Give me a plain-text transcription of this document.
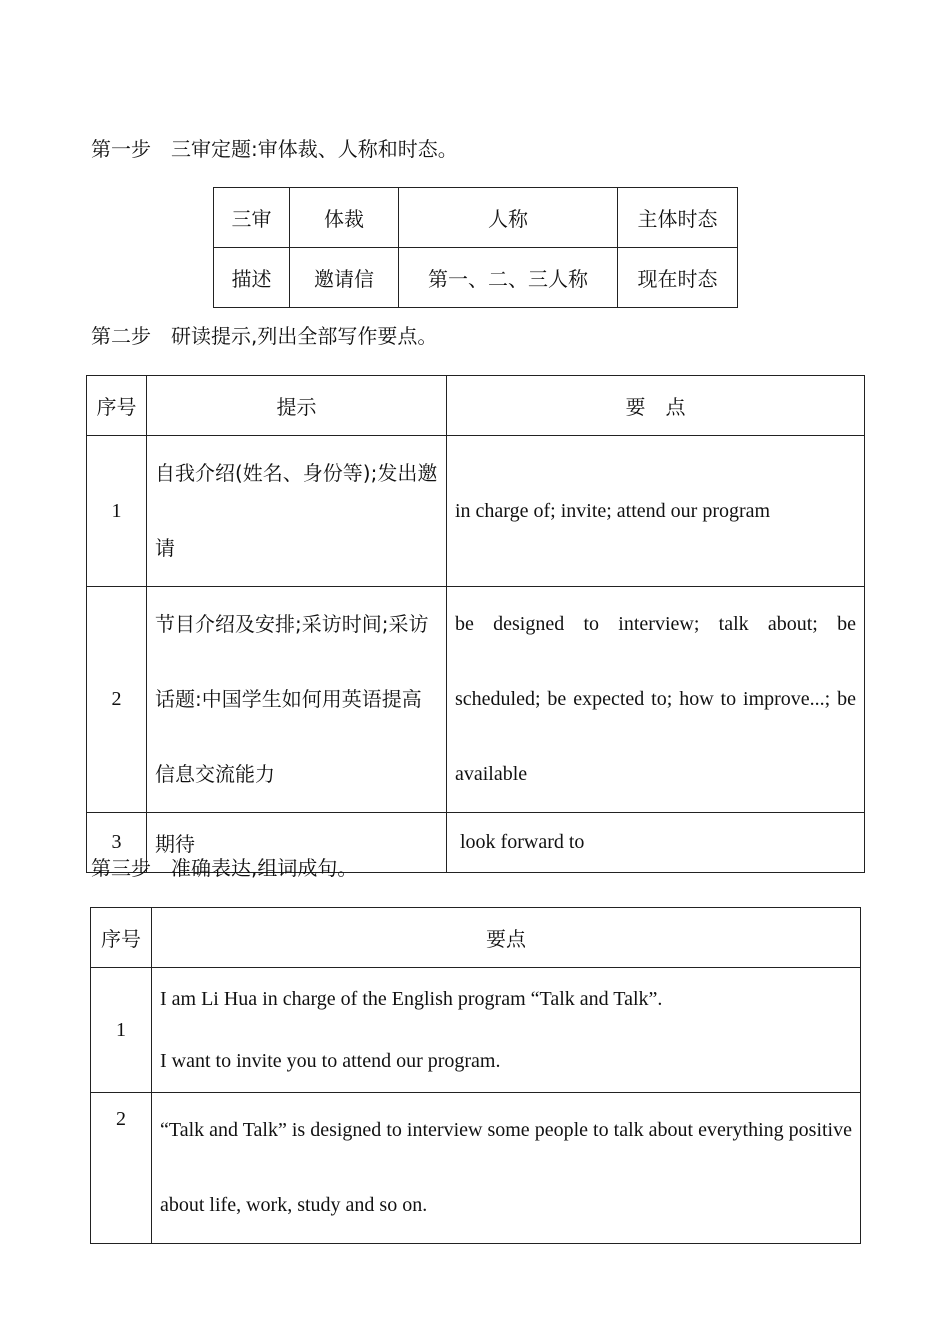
第一步　三审定题:审体裁、人称和时态。
三审	体裁	人称	主体时态
描述	邀请信	第一、二、三人称	现在时态
第二步　研读提示,列出全部写作要点。
序号	提示	要　点
1	自我介绍(姓名、身份等);发出邀请	in charge of; invite; attend our program
2	节目介绍及安排;采访时间;采访话题:中国学生如何用英语提高信息交流能力	be designed to interview; talk about; be scheduled; be expected to; how to improve...; be available
3	期待	look forward to
第三步　准确表达,组词成句。
序号	要点
1	I am Li Hua in charge of the English program “Talk and Talk”.
I want to invite you to attend our program.

2	“Talk and Talk” is designed to interview some people to talk about everything positive about life, work, study and so on.
